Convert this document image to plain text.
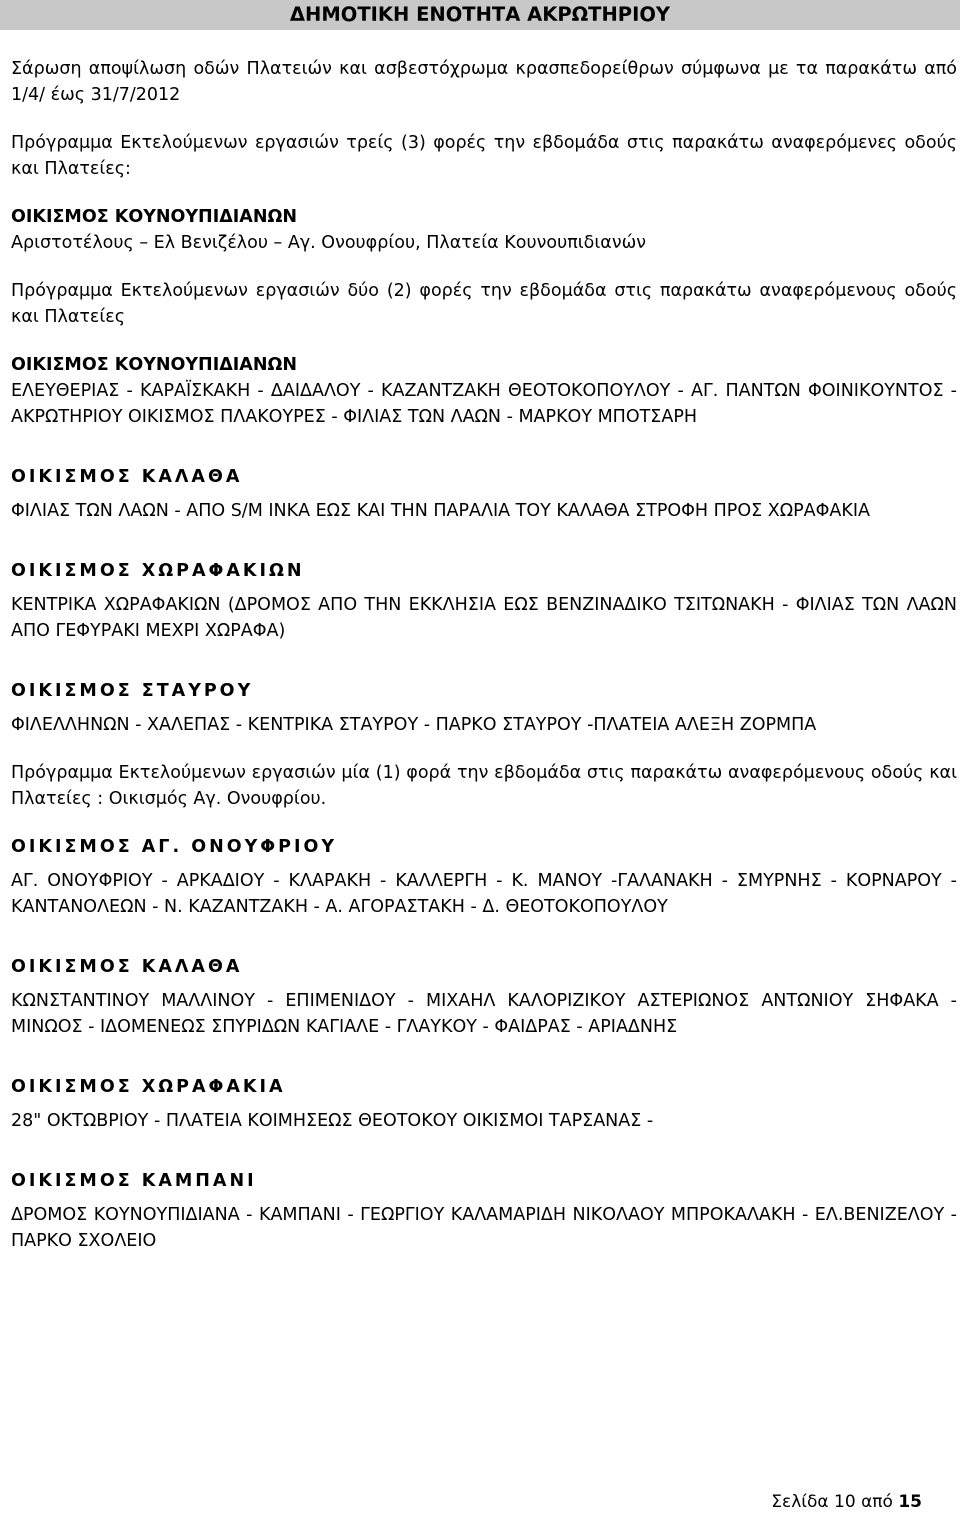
ΔΗΜΟΤΙΚΗ ΕΝΟΤΗΤΑ ΑΚΡΩΤΗΡΙΟΥ

Σάρωση αποψίλωση οδών Πλατειών και ασβεστόχρωμα κρασπεδορείθρων σύμφωνα με τα παρακάτω από 1/4/ έως 31/7/2012

Πρόγραμμα Εκτελούμενων εργασιών τρείς (3) φορές την εβδομάδα στις παρακάτω αναφερόμενες οδούς και Πλατείες:

ΟΙΚΙΣΜΟΣ ΚΟΥΝΟΥΠΙΔΙΑΝΩΝ

Αριστοτέλους – Ελ Βενιζέλου – Αγ. Ονουφρίου, Πλατεία Κουνουπιδιανών

Πρόγραμμα Εκτελούμενων εργασιών δύο (2) φορές την εβδομάδα στις παρακάτω αναφερόμενους οδούς και Πλατείες

ΟΙΚΙΣΜΟΣ ΚΟΥΝΟΥΠΙΔΙΑΝΩΝ

ΕΛΕΥΘΕΡΙΑΣ - ΚΑΡΑΪΣΚΑΚΗ - ΔΑΙΔΑΛΟΥ - ΚΑΖΑΝΤΖΑΚΗ ΘΕΟΤΟΚΟΠΟΥΛΟΥ - ΑΓ. ΠΑΝΤΩΝ ΦΟΙΝΙΚΟΥΝΤΟΣ - ΑΚΡΩΤΗΡΙΟΥ ΟΙΚΙΣΜΟΣ ΠΛΑΚΟΥΡΕΣ - ΦΙΛΙΑΣ ΤΩΝ ΛΑΩΝ - ΜΑΡΚΟΥ ΜΠΟΤΣΑΡΗ

ΟΙΚΙΣΜΟΣ ΚΑΛΑΘΑ

ΦΙΛΙΑΣ ΤΩΝ ΛΑΩΝ - ΑΠΟ S/M ΙΝΚΑ ΕΩΣ ΚΑΙ ΤΗΝ ΠΑΡΑΛΙΑ ΤΟΥ ΚΑΛΑΘΑ ΣΤΡΟΦΗ ΠΡΟΣ ΧΩΡΑΦΑΚΙΑ

ΟΙΚΙΣΜΟΣ ΧΩΡΑΦΑΚΙΩΝ

ΚΕΝΤΡΙΚΑ ΧΩΡΑΦΑΚΙΩΝ (ΔΡΟΜΟΣ ΑΠΟ ΤΗΝ ΕΚΚΛΗΣΙΑ ΕΩΣ ΒΕΝΖΙΝΑΔΙΚΟ ΤΣΙΤΩΝΑΚΗ - ΦΙΛΙΑΣ ΤΩΝ ΛΑΩΝ ΑΠΟ ΓΕΦΥΡΑΚΙ ΜΕΧΡΙ ΧΩΡΑΦΑ)

ΟΙΚΙΣΜΟΣ ΣΤΑΥΡΟΥ

ΦΙΛΕΛΛΗΝΩΝ - ΧΑΛΕΠΑΣ - ΚΕΝΤΡΙΚΑ ΣΤΑΥΡΟΥ - ΠΑΡΚΟ ΣΤΑΥΡΟΥ -ΠΛΑΤΕΙΑ ΑΛΕΞΗ ΖΟΡΜΠΑ

Πρόγραμμα Εκτελούμενων εργασιών μία (1) φορά την εβδομάδα στις παρακάτω αναφερόμενους οδούς και Πλατείες : Οικισμός Αγ. Ονουφρίου.

ΟΙΚΙΣΜΟΣ ΑΓ. ΟΝΟΥΦΡΙΟΥ

ΑΓ. ΟΝΟΥΦΡΙΟΥ - ΑΡΚΑΔΙΟΥ - ΚΛΑΡΑΚΗ - ΚΑΛΛΕΡΓΗ - Κ. ΜΑΝΟΥ -ΓΑΛΑΝΑΚΗ - ΣΜΥΡΝΗΣ - ΚΟΡΝΑΡΟΥ - ΚΑΝΤΑΝΟΛΕΩΝ - Ν. ΚΑΖΑΝΤΖΑΚΗ - Α. ΑΓΟΡΑΣΤΑΚΗ - Δ. ΘΕΟΤΟΚΟΠΟΥΛΟΥ

ΟΙΚΙΣΜΟΣ ΚΑΛΑΘΑ

ΚΩΝΣΤΑΝΤΙΝΟΥ ΜΑΛΛΙΝΟΥ - ΕΠΙΜΕΝΙΔΟΥ - ΜΙΧΑΗΛ ΚΑΛΟΡΙΖΙΚΟΥ ΑΣΤΕΡΙΩΝΟΣ ΑΝΤΩΝΙΟΥ ΣΗΦΑΚΑ - ΜΙΝΩΟΣ - ΙΔΟΜΕΝΕΩΣ ΣΠΥΡΙΔΩΝ ΚΑΓΙΑΛΕ - ΓΛΑΥΚΟΥ - ΦΑΙΔΡΑΣ - ΑΡΙΑΔΝΗΣ

ΟΙΚΙΣΜΟΣ ΧΩΡΑΦΑΚΙΑ

28" ΟΚΤΩΒΡΙΟΥ - ΠΛΑΤΕΙΑ ΚΟΙΜΗΣΕΩΣ ΘΕΟΤΟΚΟΥ ΟΙΚΙΣΜΟΙ ΤΑΡΣΑΝΑΣ -

ΟΙΚΙΣΜΟΣ ΚΑΜΠΑΝΙ

ΔΡΟΜΟΣ ΚΟΥΝΟΥΠΙΔΙΑΝΑ - ΚΑΜΠΑΝΙ - ΓΕΩΡΓΙΟΥ ΚΑΛΑΜΑΡΙΔΗ ΝΙΚΟΛΑΟΥ ΜΠΡΟΚΑΛΑΚΗ - ΕΛ.ΒΕΝΙΖΕΛΟΥ - ΠΑΡΚΟ ΣΧΟΛΕΙΟ

Σελίδα 10 από 15
